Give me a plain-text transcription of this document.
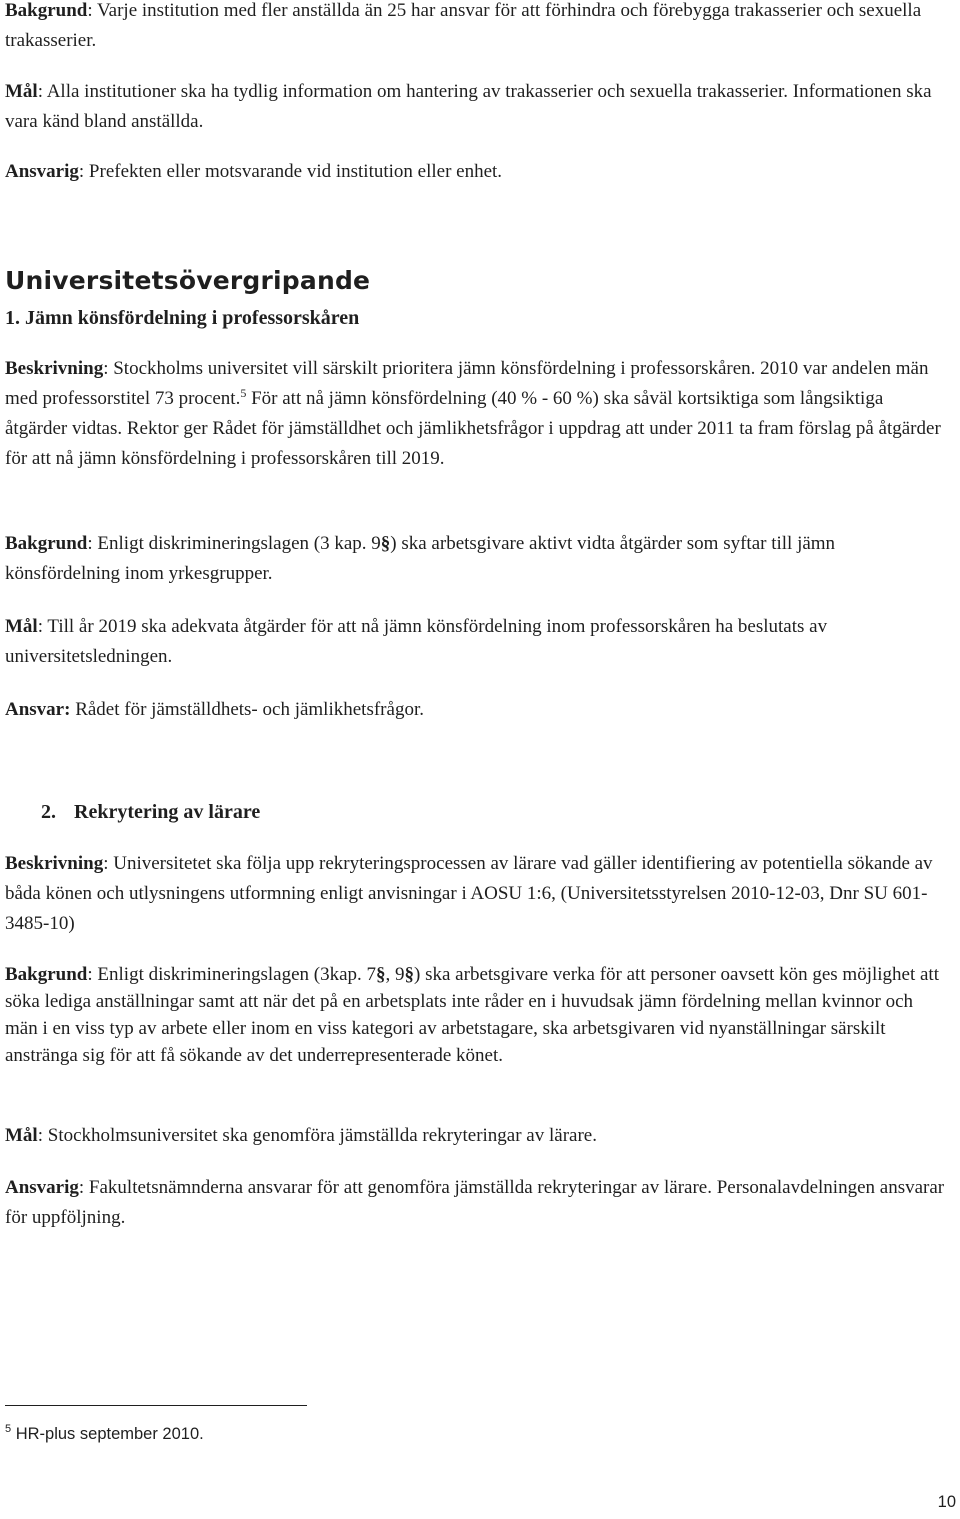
Bakgrund: Varje institution med fler anställda än 25 har ansvar för att förhindra och förebygga trakasserier och sexuella trakasserier.

Mål: Alla institutioner ska ha tydlig information om hantering av trakasserier och sexuella trakasserier. Informationen ska vara känd bland anställda.

Ansvarig: Prefekten eller motsvarande vid institution eller enhet.

Universitetsövergripande

1. Jämn könsfördelning i professorskåren

Beskrivning: Stockholms universitet vill särskilt prioritera jämn könsfördelning i professorskåren. 2010 var andelen män med professorstitel 73 procent.$^5$ För att nå jämn könsfördelning (40 % - 60 %) ska såväl kortsiktiga som långsiktiga åtgärder vidtas. Rektor ger Rådet för jämställdhet och jämlikhetsfrågor i uppdrag att under 2011 ta fram förslag på åtgärder för att nå jämn könsfördelning i professorskåren till 2019.

Bakgrund: Enligt diskrimineringslagen (3 kap. 9§) ska arbetsgivare aktivt vidta åtgärder som syftar till jämn könsfördelning inom yrkesgrupper.

Mål: Till år 2019 ska adekvata åtgärder för att nå jämn könsfördelning inom professorskåren ha beslutats av universitetsledningen.

Ansvar: Rådet för jämställdhets- och jämlikhetsfrågor.

2. Rekrytering av lärare

Beskrivning: Universitetet ska följa upp rekryteringsprocessen av lärare vad gäller identifiering av potentiella sökande av båda könen och utlysningens utformning enligt anvisningar i AOSU 1:6, (Universitetsstyrelsen 2010-12-03, Dnr SU 601-3485-10)

Bakgrund: Enligt diskrimineringslagen (3kap. 7§, 9§) ska arbetsgivare verka för att personer oavsett kön ges möjlighet att söka lediga anställningar samt att när det på en arbetsplats inte råder en i huvudsak jämn fördelning mellan kvinnor och män i en viss typ av arbete eller inom en viss kategori av arbetstagare, ska arbetsgivaren vid nyanställningar särskilt anstränga sig för att få sökande av det underrepresenterade könet.

Mål: Stockholmsuniversitet ska genomföra jämställda rekryteringar av lärare.

Ansvarig: Fakultetsnämnderna ansvarar för att genomföra jämställda rekryteringar av lärare. Personalavdelningen ansvarar för uppföljning.

$^5$ HR-plus september 2010.
10
